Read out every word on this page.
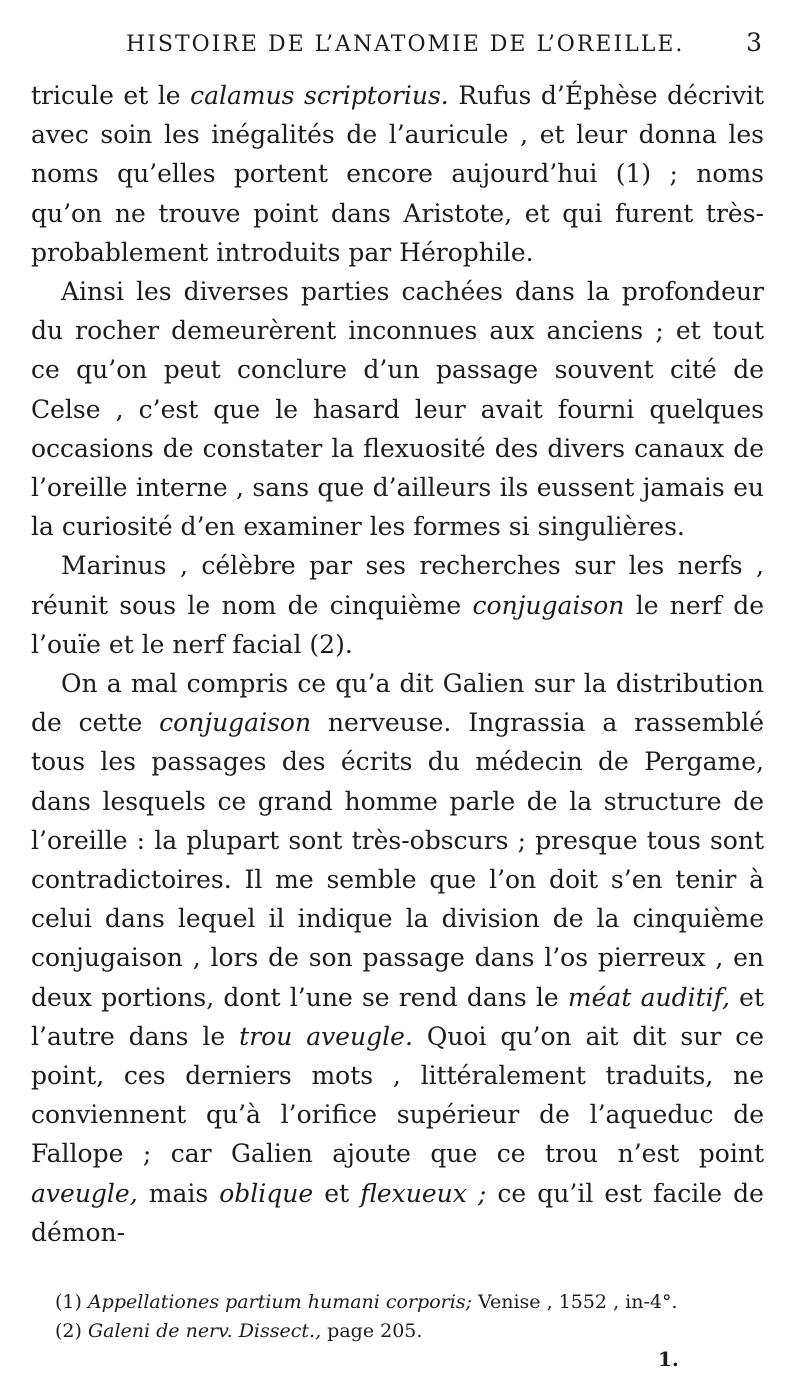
HISTOIRE DE L’ANATOMIE DE L’OREILLE. 3

tricule et le calamus scriptorius. Rufus d’Éphèse décrivit avec soin les inégalités de l’auricule , et leur donna les noms qu’elles portent encore aujourd’hui (1) ; noms qu’on ne trouve point dans Aristote, et qui furent très-probablement introduits par Hérophile.

Ainsi les diverses parties cachées dans la profondeur du rocher demeurèrent inconnues aux anciens ; et tout ce qu’on peut conclure d’un passage souvent cité de Celse , c’est que le hasard leur avait fourni quelques occasions de constater la flexuosité des divers canaux de l’oreille interne , sans que d’ailleurs ils eussent jamais eu la curiosité d’en examiner les formes si singulières.

Marinus , célèbre par ses recherches sur les nerfs , réunit sous le nom de cinquième conjugaison le nerf de l’ouïe et le nerf facial (2).

On a mal compris ce qu’a dit Galien sur la distribution de cette conjugaison nerveuse. Ingrassia a rassemblé tous les passages des écrits du médecin de Pergame, dans lesquels ce grand homme parle de la structure de l’oreille : la plupart sont très-obscurs ; presque tous sont contradictoires. Il me semble que l’on doit s’en tenir à celui dans lequel il indique la division de la cinquième conjugaison , lors de son passage dans l’os pierreux , en deux portions, dont l’une se rend dans le méat auditif, et l’autre dans le trou aveugle. Quoi qu’on ait dit sur ce point, ces derniers mots , littéralement traduits, ne conviennent qu’à l’orifice supérieur de l’aqueduc de Fallope ; car Galien ajoute que ce trou n’est point aveugle, mais oblique et flexueux ; ce qu’il est facile de démon-

(1) Appellationes partium humani corporis; Venise , 1552 , in-4°.
(2) Galeni de nerv. Dissect., page 205.
1.
